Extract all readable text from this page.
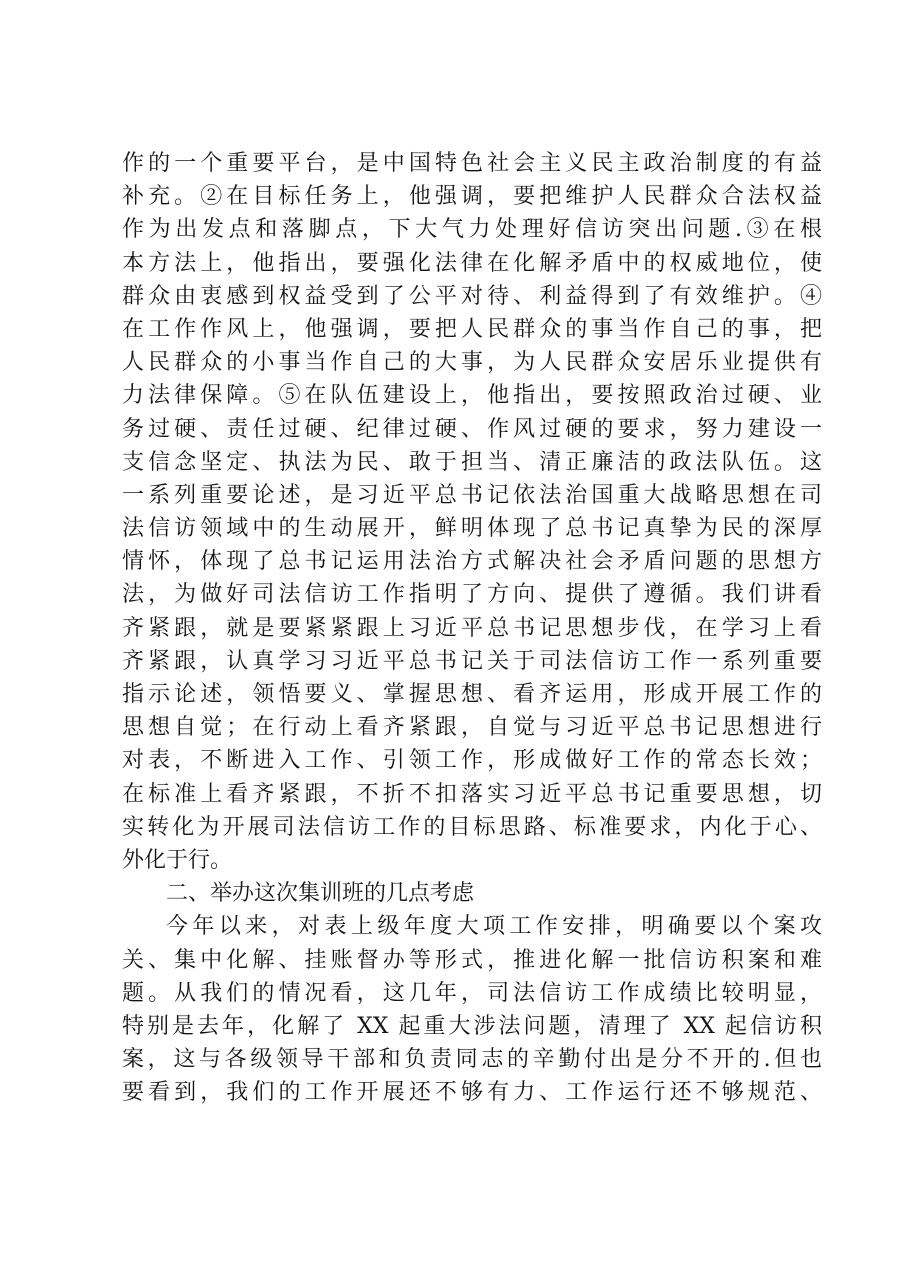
作的一个重要平台，是中国特色社会主义民主政治制度的有益
补充。②在目标任务上，他强调，要把维护人民群众合法权益
作为出发点和落脚点，下大气力处理好信访突出问题.③在根
本方法上，他指出，要强化法律在化解矛盾中的权威地位，使
群众由衷感到权益受到了公平对待、利益得到了有效维护。④
在工作作风上，他强调，要把人民群众的事当作自己的事，把
人民群众的小事当作自己的大事，为人民群众安居乐业提供有
力法律保障。⑤在队伍建设上，他指出，要按照政治过硬、业
务过硬、责任过硬、纪律过硬、作风过硬的要求，努力建设一
支信念坚定、执法为民、敢于担当、清正廉洁的政法队伍。这
一系列重要论述，是习近平总书记依法治国重大战略思想在司
法信访领域中的生动展开，鲜明体现了总书记真挚为民的深厚
情怀，体现了总书记运用法治方式解决社会矛盾问题的思想方
法，为做好司法信访工作指明了方向、提供了遵循。我们讲看
齐紧跟，就是要紧紧跟上习近平总书记思想步伐，在学习上看
齐紧跟，认真学习习近平总书记关于司法信访工作一系列重要
指示论述，领悟要义、掌握思想、看齐运用，形成开展工作的
思想自觉；在行动上看齐紧跟，自觉与习近平总书记思想进行
对表，不断进入工作、引领工作，形成做好工作的常态长效；
在标准上看齐紧跟，不折不扣落实习近平总书记重要思想，切
实转化为开展司法信访工作的目标思路、标准要求，内化于心、
外化于行。
二、举办这次集训班的几点考虑
今年以来，对表上级年度大项工作安排，明确要以个案攻
关、集中化解、挂账督办等形式，推进化解一批信访积案和难
题。从我们的情况看，这几年，司法信访工作成绩比较明显，
特别是去年，化解了 XX 起重大涉法问题，清理了 XX 起信访积
案，这与各级领导干部和负责同志的辛勤付出是分不开的.但也
要看到，我们的工作开展还不够有力、工作运行还不够规范、
